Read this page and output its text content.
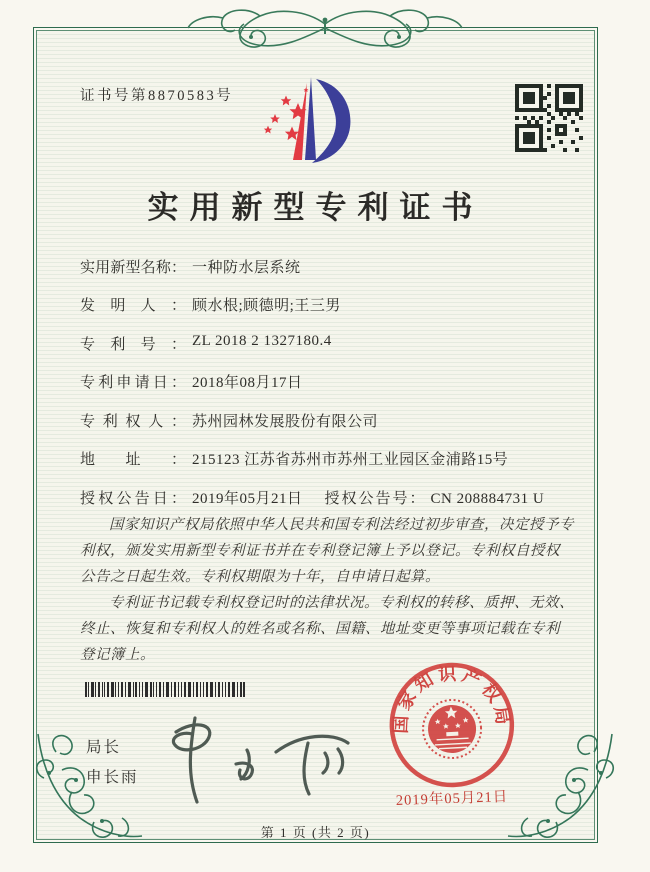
证书号第8870583号
实用新型专利证书
实用新型名称： 一种防水层系统
发明人： 顾水根;顾德明;王三男
专利号： ZL 2018 2 1327180.4
专利申请日： 2018年08月17日
专利权人： 苏州园林发展股份有限公司
地址： 215123 江苏省苏州市苏州工业园区金浦路15号
授权公告日： 2019年05月21日 授权公告号： CN 208884731 U

国家知识产权局依照中华人民共和国专利法经过初步审查，决定授予专利权，颁发实用新型专利证书并在专利登记簿上予以登记。专利权自授权公告之日起生效。专利权期限为十年，自申请日起算。

专利证书记载专利权登记时的法律状况。专利权的转移、质押、无效、终止、恢复和专利权人的姓名或名称、国籍、地址变更等事项记载在专利登记簿上。

局长
申长雨
国家知识产权局
2019年05月21日
第 1 页 (共 2 页)
